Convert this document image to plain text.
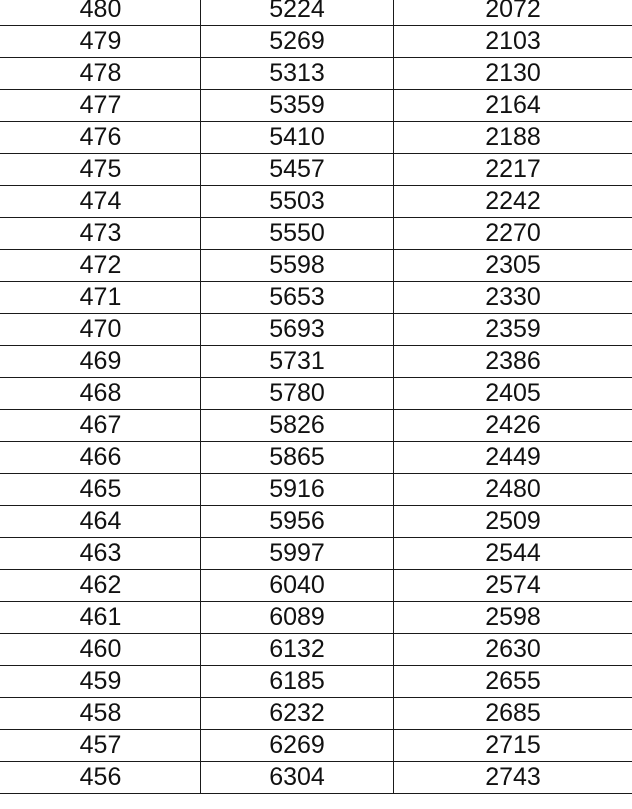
480	5224	2072
479	5269	2103
478	5313	2130
477	5359	2164
476	5410	2188
475	5457	2217
474	5503	2242
473	5550	2270
472	5598	2305
471	5653	2330
470	5693	2359
469	5731	2386
468	5780	2405
467	5826	2426
466	5865	2449
465	5916	2480
464	5956	2509
463	5997	2544
462	6040	2574
461	6089	2598
460	6132	2630
459	6185	2655
458	6232	2685
457	6269	2715
456	6304	2743
